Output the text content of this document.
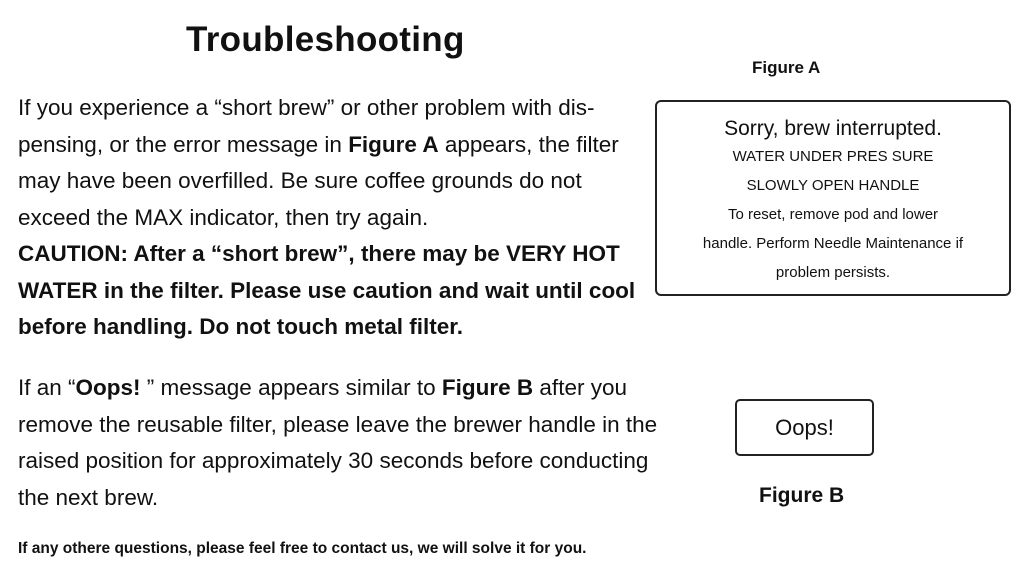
Troubleshooting

If you experience a “short brew” or other problem with dis-pensing, or the error message in Figure A appears, the filter may have been overfilled. Be sure coffee grounds do not exceed the MAX indicator, then try again.
CAUTION: After a “short brew”, there may be VERY HOT WATER in the filter. Please use caution and wait until cool before handling. Do not touch metal filter.

If an “Oops! ” message appears similar to Figure B after you remove the reusable filter, please leave the brewer handle in the raised position for approximately 30 seconds before conducting the next brew.

If any othere questions, please feel free to contact us, we will solve it for you.

Figure A
Sorry, brew interrupted.
WATER UNDER PRES SURE
SLOWLY OPEN HANDLE
To reset, remove pod and lower
handle. Perform Needle Maintenance if
problem persists.
Oops!
Figure B
